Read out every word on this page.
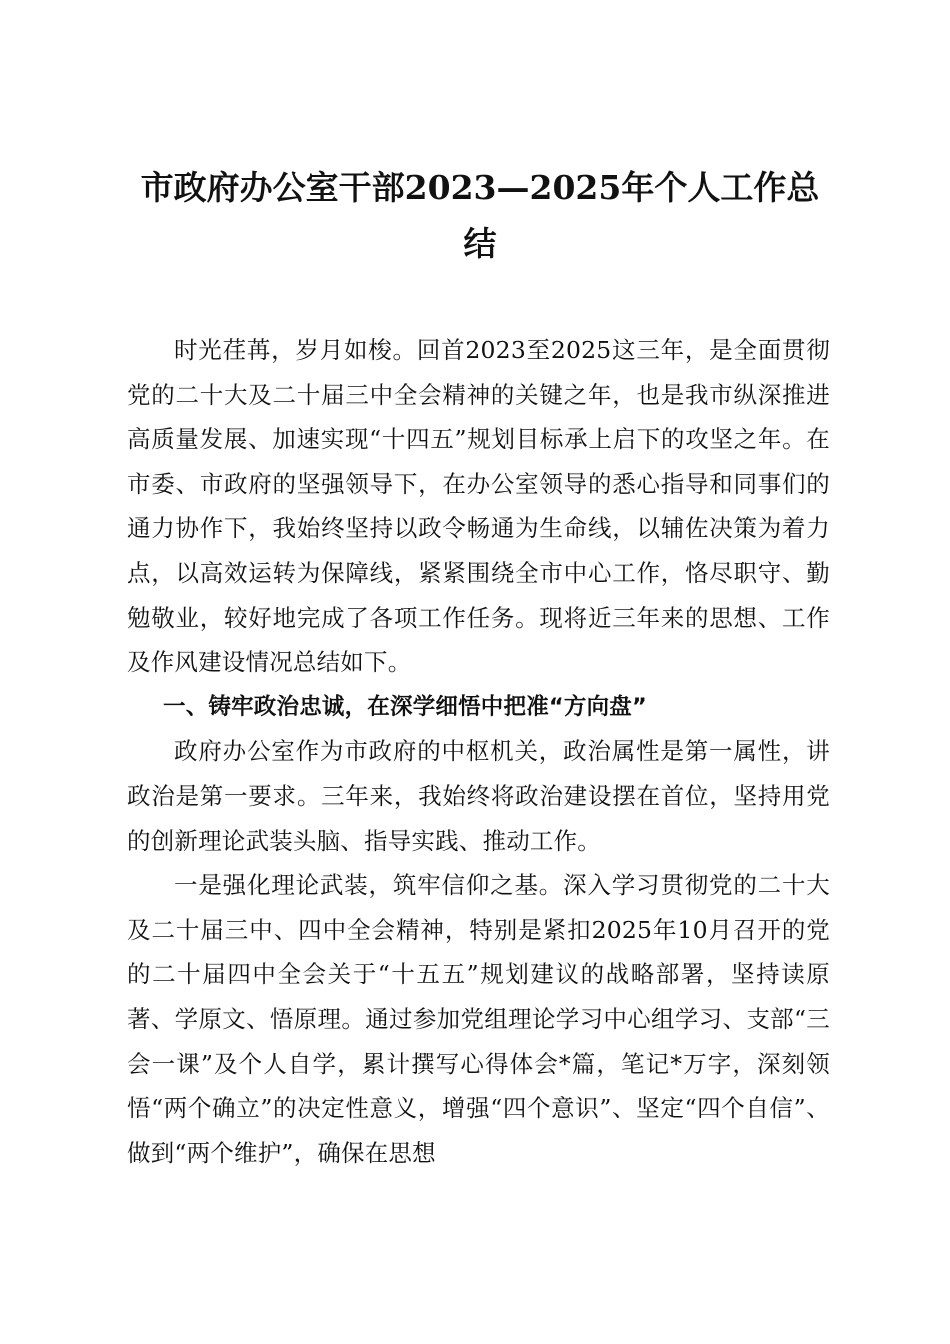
市政府办公室干部2023—2025年个人工作总
结

时光荏苒，岁月如梭。回首2023至2025这三年，是全面贯彻党的二十大及二十届三中全会精神的关键之年，也是我市纵深推进高质量发展、加速实现“十四五”规划目标承上启下的攻坚之年。在市委、市政府的坚强领导下，在办公室领导的悉心指导和同事们的通力协作下，我始终坚持以政令畅通为生命线，以辅佐决策为着力点，以高效运转为保障线，紧紧围绕全市中心工作，恪尽职守、勤勉敬业，较好地完成了各项工作任务。现将近三年来的思想、工作及作风建设情况总结如下。

一、铸牢政治忠诚，在深学细悟中把准“方向盘”

政府办公室作为市政府的中枢机关，政治属性是第一属性，讲政治是第一要求。三年来，我始终将政治建设摆在首位，坚持用党的创新理论武装头脑、指导实践、推动工作。

一是强化理论武装，筑牢信仰之基。深入学习贯彻党的二十大及二十届三中、四中全会精神，特别是紧扣2025年10月召开的党的二十届四中全会关于“十五五”规划建议的战略部署，坚持读原著、学原文、悟原理。通过参加党组理论学习中心组学习、支部“三会一课”及个人自学，累计撰写心得体会*篇，笔记*万字，深刻领悟“两个确立”的决定性意义，增强“四个意识”、坚定“四个自信”、做到“两个维护”，确保在思想
